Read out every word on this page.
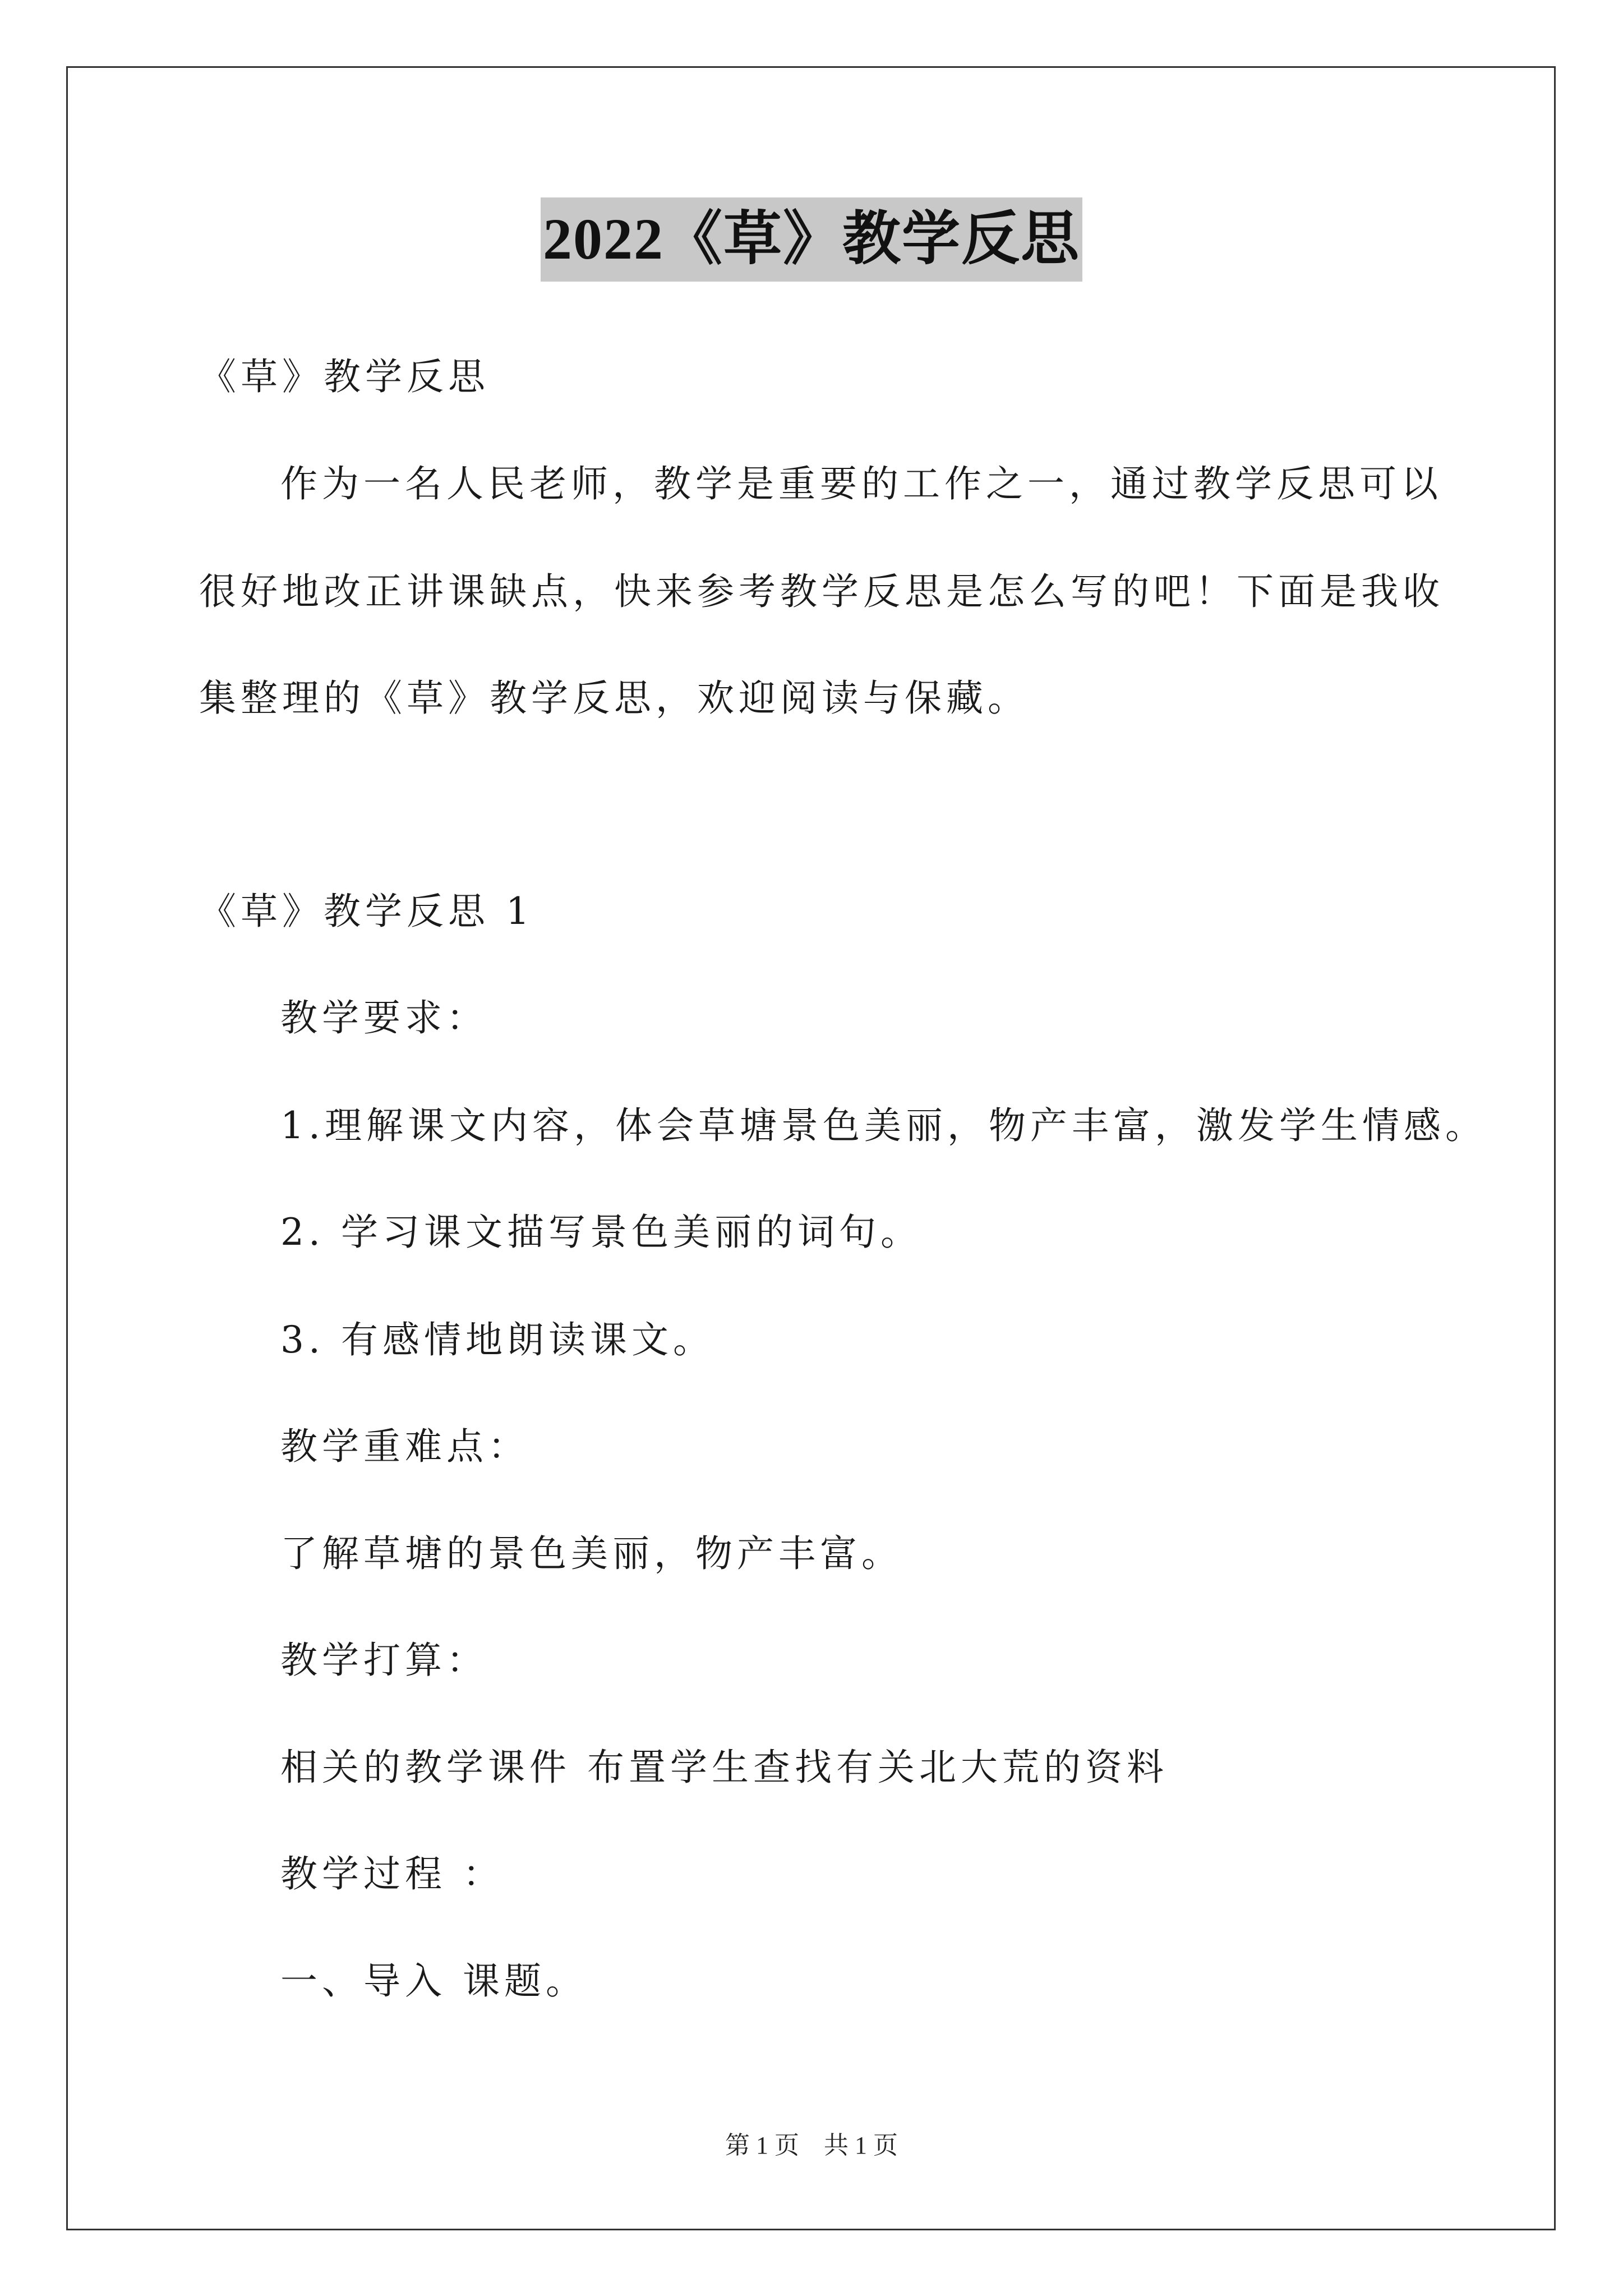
2022《草》教学反思
《草》教学反思
作为一名人民老师，教学是重要的工作之一，通过教学反思可以
很好地改正讲课缺点，快来参考教学反思是怎么写的吧！下面是我收
集整理的《草》教学反思，欢迎阅读与保藏。
《草》教学反思 1
教学要求：
1.理解课文内容，体会草塘景色美丽，物产丰富，激发学生情感。
2. 学习课文描写景色美丽的词句。
3. 有感情地朗读课文。
教学重难点：
了解草塘的景色美丽，物产丰富。
教学打算：
相关的教学课件 布置学生查找有关北大荒的资料
教学过程 ：
一、导入 课题。
第 1 页　共 1 页
